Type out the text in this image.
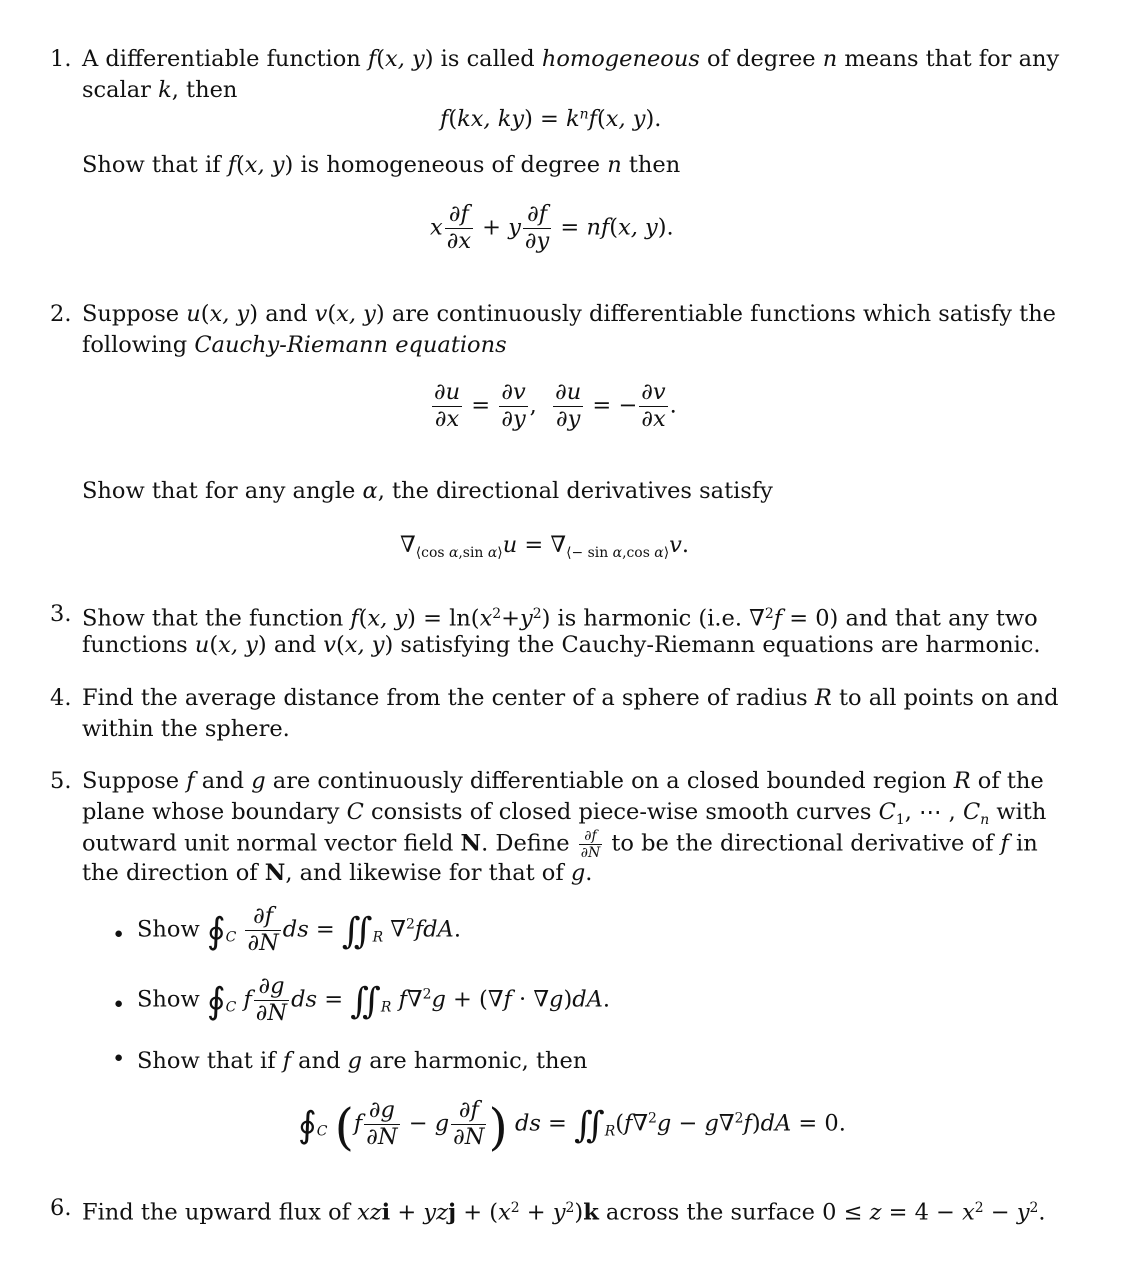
1. A differentiable function f(x, y) is called homogeneous of degree n means that for any
scalar k, then
f(kx, $ky) = k^nf(x$, y).
Show that if f(x, y) is homogeneous of degree n then
x $\frac{\partial f}{\partial x} + y \frac{\partial f}{\partial y} = nf(x$, y).
2. Suppose u(x, y) and v(x, y) are continuously differentiable functions which satisfy the
following Cauchy-Riemann equations
$\frac{\partial u}{\partial x} = \frac{\partial v}{\partial y}$ , $\frac{\partial u}{\partial y}$ = − $\frac{\partial v}{\partial x}$ .
Show that for any angle α, the directional derivatives satisfy
$\nabla_{⟨cos \alpha,sin \alpha⟩}u = \nabla_{⟨- sin \alpha,cos \alpha⟩}v$.
3. Show that the function f(x, $y) = \ln(x^2+y^2)$ is harmonic (i.e. ∇$^2$f = 0) and that any two
functions u(x, y) and v(x, y) satisfying the Cauchy-Riemann equations are harmonic.
4. Find the average distance from the center of a sphere of radius R to all points on and
within the sphere.
5. Suppose f and g are continuously differentiable on a closed bounded region R of the
plane whose boundary C consists of closed piece-wise smooth curves $C_1$, ⋯ , $C_n$ with
outward unit normal vector field N. Define $\frac{\partial f}{\partial N}$ to be the directional derivative of f in
the direction of N, and likewise for that of g.
• Show $∮_C \frac{\partial f}{\partial N}$ ds = $∬_R$ ∇$^2$fdA.
• Show $∮_C$ f $\frac{\partial g}{\partial N}$ ds = $∬_R$ f∇$^2$g + (∇f · ∇g)dA.
• Show that if f and g are harmonic, then
$∮_C$ ($f \frac{\partial g}{\partial N} - g \frac{\partial f}{\partial N}$ ) ds = $∬_R(f\nabla^2g - g\nabla^2f)dA = 0$.
6. Find the upward flux of xzi + yzj + $(x^2 + y^2)k$ across the surface $0 \le z = 4 - x^2 - y^2$.
